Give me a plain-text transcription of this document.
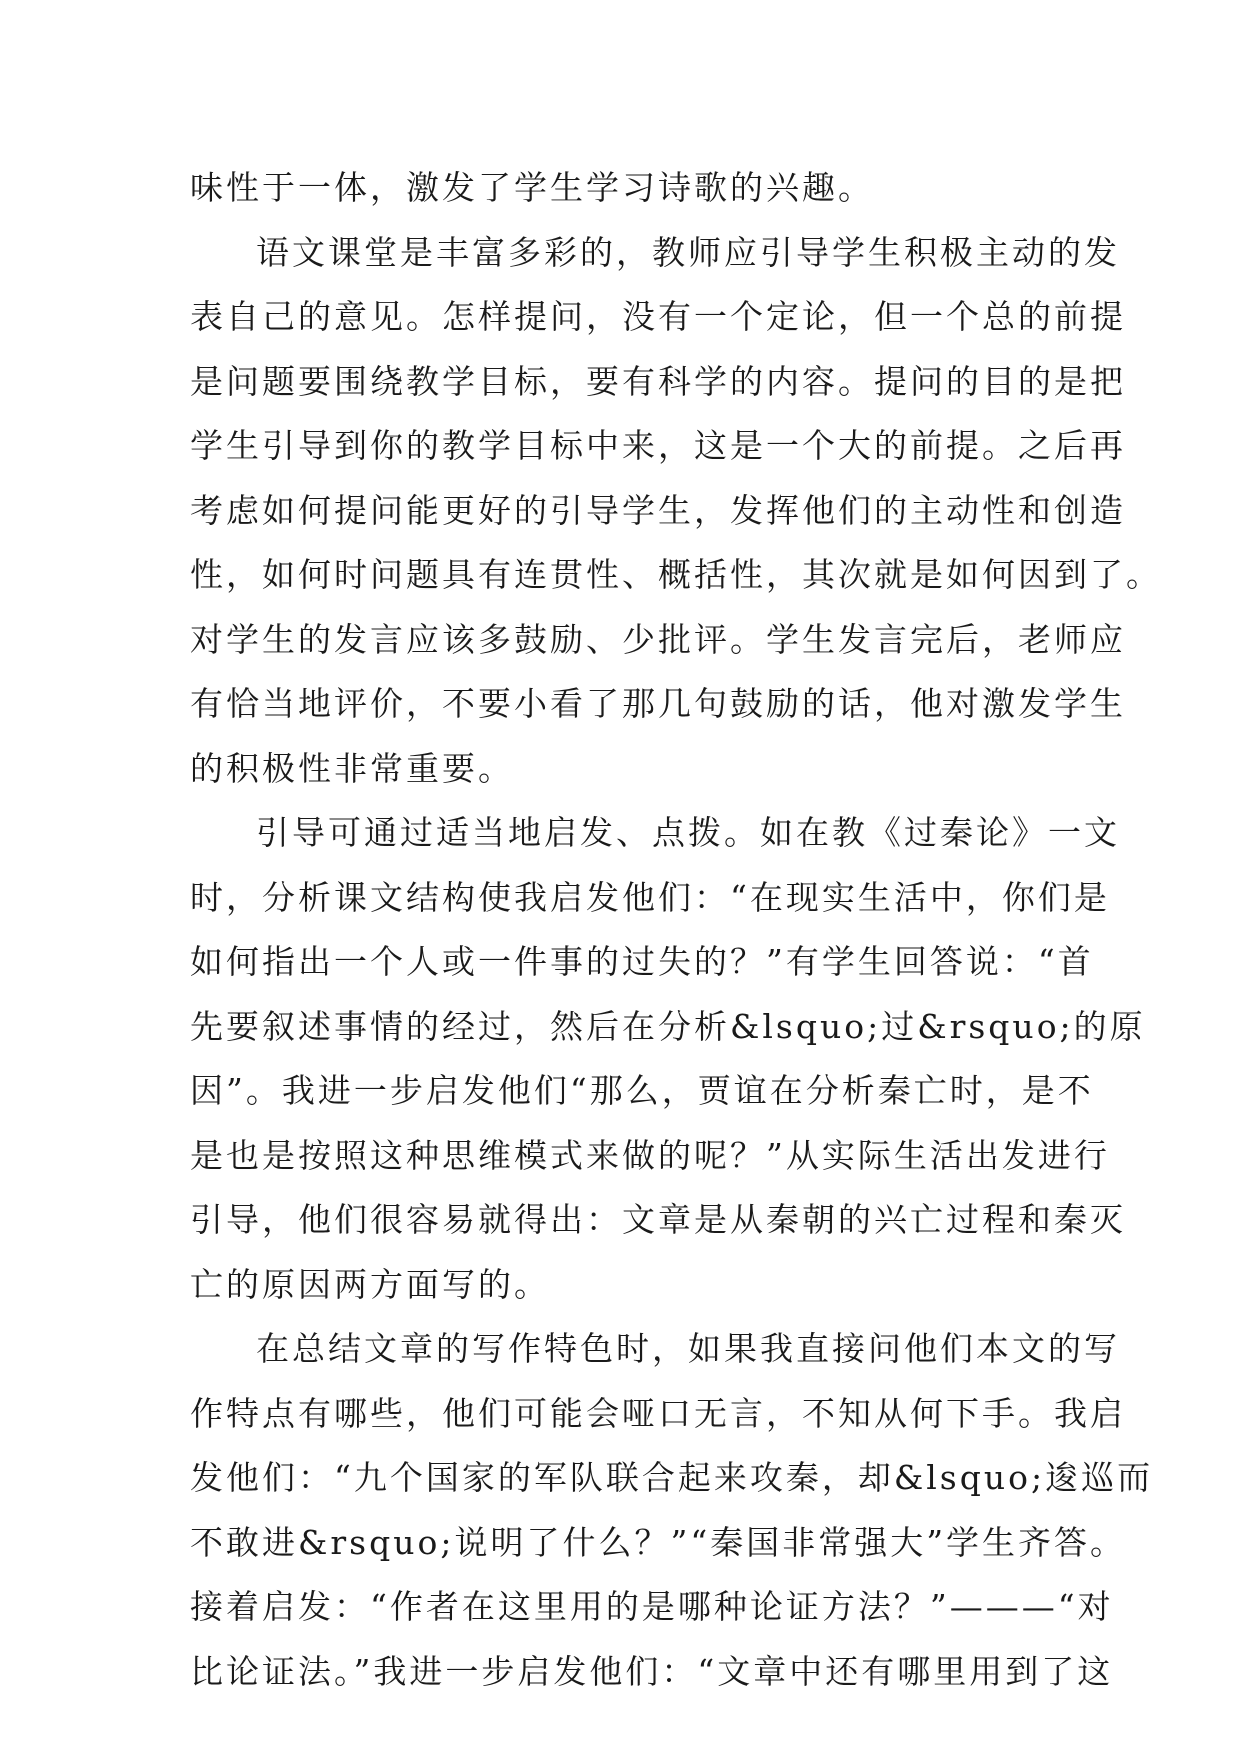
味性于一体，激发了学生学习诗歌的兴趣。
语文课堂是丰富多彩的，教师应引导学生积极主动的发
表自己的意见。怎样提问，没有一个定论，但一个总的前提
是问题要围绕教学目标，要有科学的内容。提问的目的是把
学生引导到你的教学目标中来，这是一个大的前提。之后再
考虑如何提问能更好的引导学生，发挥他们的主动性和创造
性，如何时问题具有连贯性、概括性，其次就是如何因到了。
对学生的发言应该多鼓励、少批评。学生发言完后，老师应
有恰当地评价，不要小看了那几句鼓励的话，他对激发学生
的积极性非常重要。
引导可通过适当地启发、点拨。如在教《过秦论》一文
时，分析课文结构使我启发他们：“在现实生活中，你们是
如何指出一个人或一件事的过失的？”有学生回答说：“首
先要叙述事情的经过，然后在分析&lsquo;过&rsquo;的原
因”。我进一步启发他们“那么，贾谊在分析秦亡时，是不
是也是按照这种思维模式来做的呢？”从实际生活出发进行
引导，他们很容易就得出：文章是从秦朝的兴亡过程和秦灭
亡的原因两方面写的。
在总结文章的写作特色时，如果我直接问他们本文的写
作特点有哪些，他们可能会哑口无言，不知从何下手。我启
发他们：“九个国家的军队联合起来攻秦，却&lsquo;逡巡而
不敢进&rsquo;说明了什么？”“秦国非常强大”学生齐答。
接着启发：“作者在这里用的是哪种论证方法？”———“对
比论证法。”我进一步启发他们：“文章中还有哪里用到了这
